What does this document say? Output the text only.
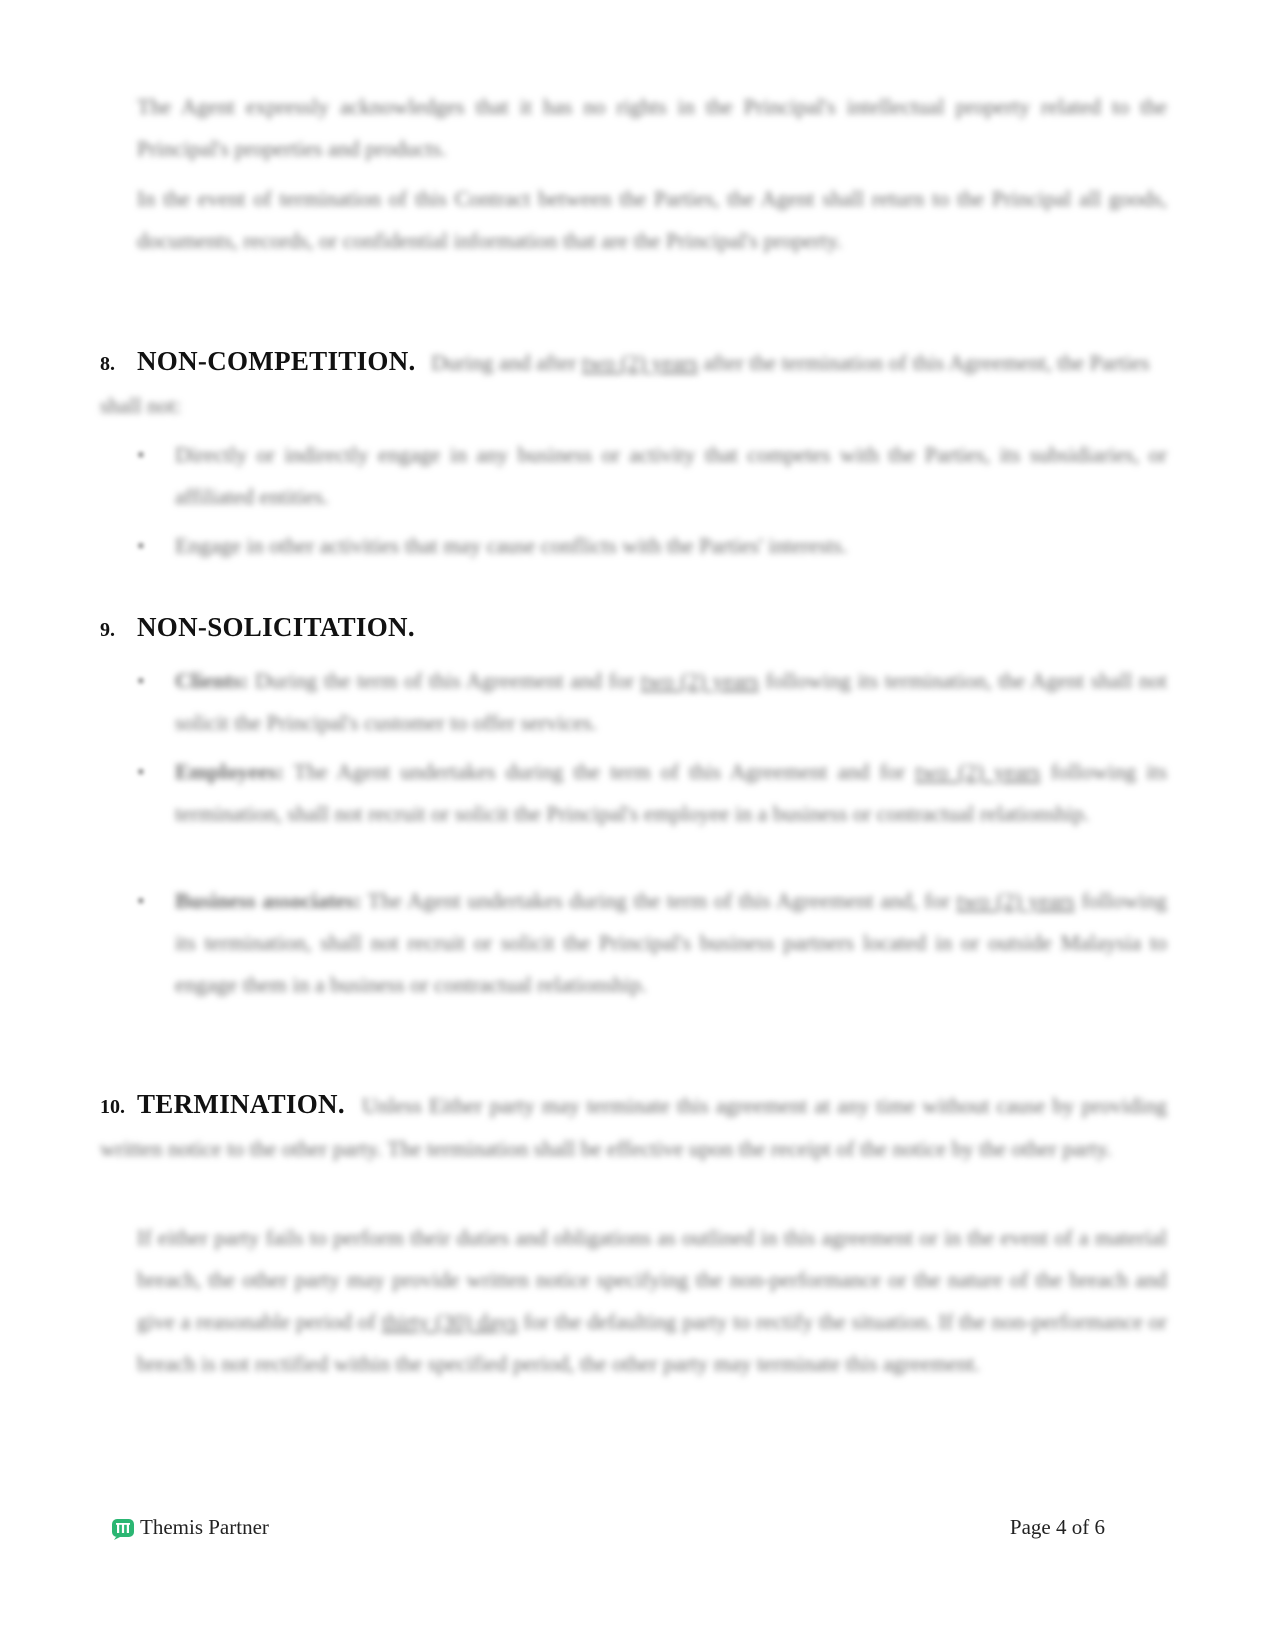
The Agent expressly acknowledges that it has no rights in the Principal's intellectual property related to the Principal's properties and products.
In the event of termination of this Contract between the Parties, the Agent shall return to the Principal all goods, documents, records, or confidential information that are the Principal's property.
8. NON-COMPETITION. During and after two (2) years after the termination of this Agreement, the Parties shall not:
• Directly or indirectly engage in any business or activity that competes with the Parties, its subsidiaries, or affiliated entities.
• Engage in other activities that may cause conflicts with the Parties' interests.
9. NON-SOLICITATION.
• Clients: During the term of this Agreement and for two (2) years following its termination, the Agent shall not solicit the Principal's customer to offer services.
• Employees: The Agent undertakes during the term of this Agreement and for two (2) years following its termination, shall not recruit or solicit the Principal's employee in a business or contractual relationship.
• Business associates: The Agent undertakes during the term of this Agreement and, for two (2) years following its termination, shall not recruit or solicit the Principal's business partners located in or outside Malaysia to engage them in a business or contractual relationship.
10. TERMINATION. Unless Either party may terminate this agreement at any time without cause by providing written notice to the other party. The termination shall be effective upon the receipt of the notice by the other party.
If either party fails to perform their duties and obligations as outlined in this agreement or in the event of a material breach, the other party may provide written notice specifying the non-performance or the nature of the breach and give a reasonable period of thirty (30) days for the defaulting party to rectify the situation. If the non-performance or breach is not rectified within the specified period, the other party may terminate this agreement.
Themis Partner	Page 4 of 6
